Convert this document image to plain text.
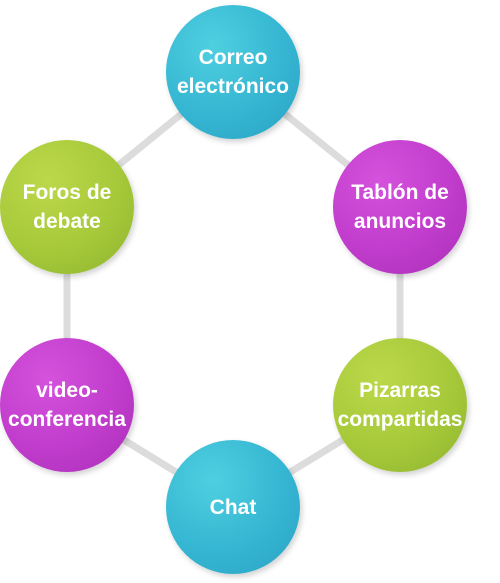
Correo
electrónico
Tablón de
anuncios
Pizarras
compartidas
Chat
video-
conferencia
Foros de
debate
